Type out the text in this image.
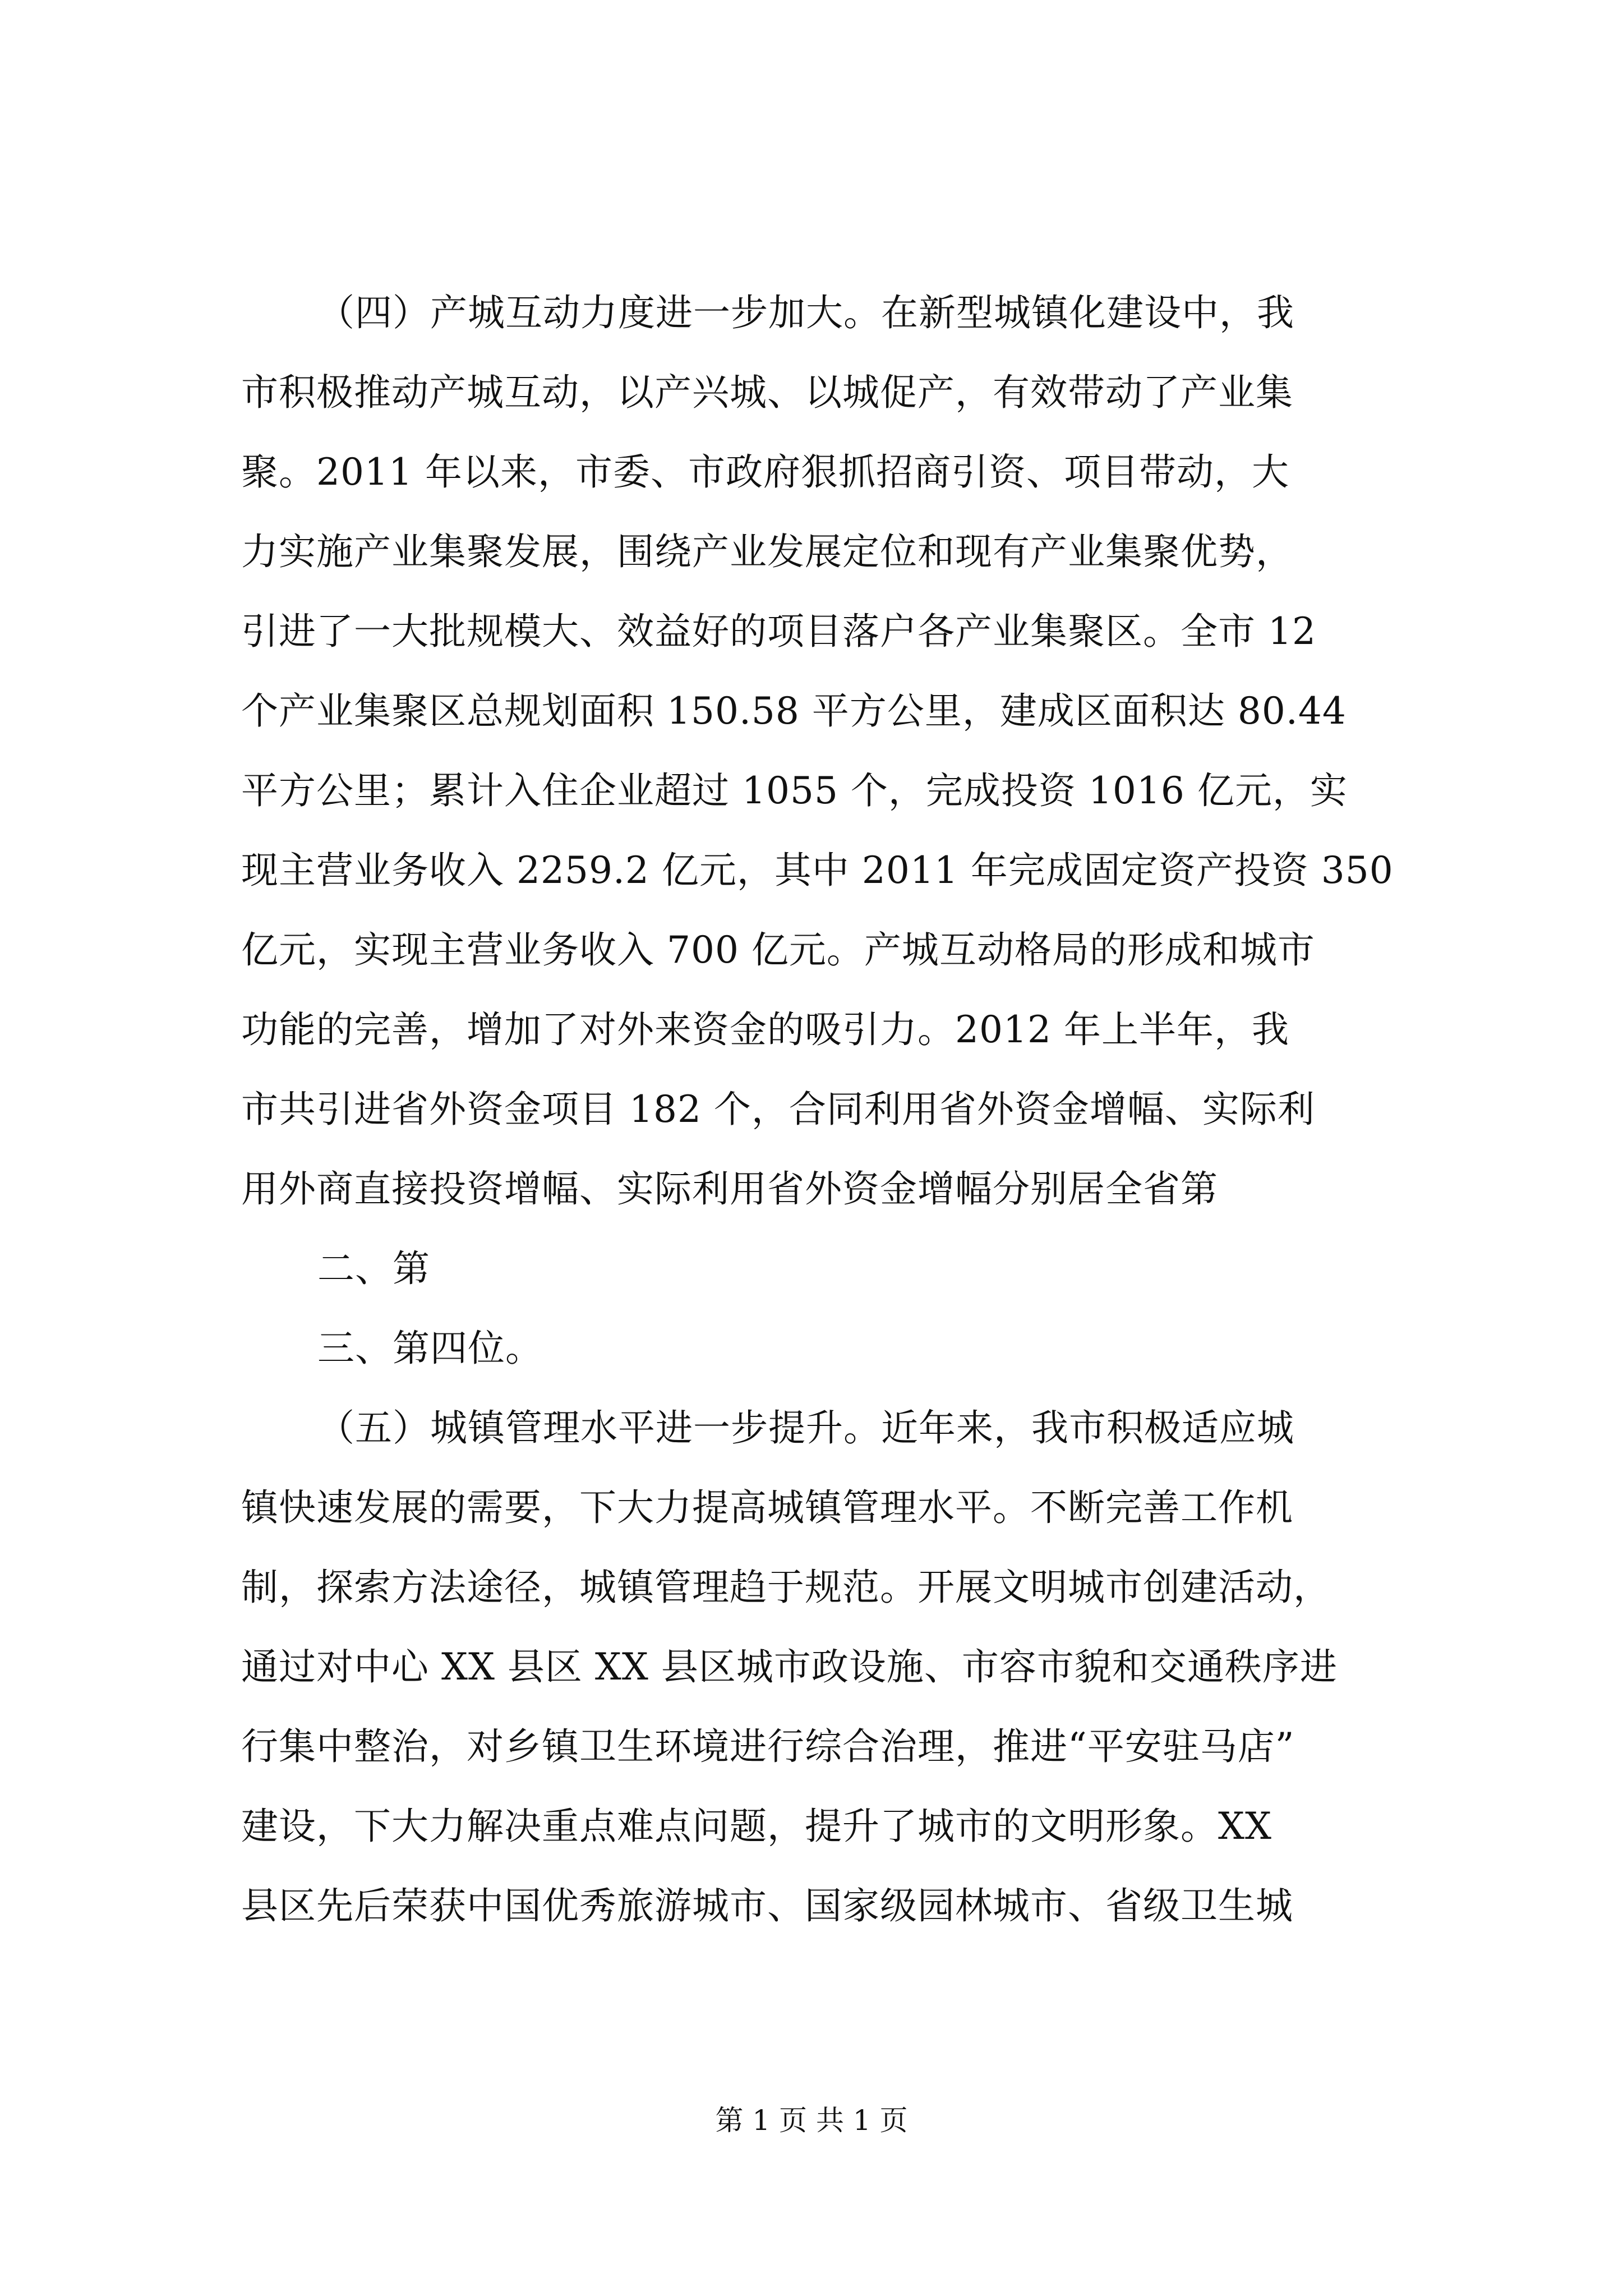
（四）产城互动力度进一步加大。在新型城镇化建设中，我
市积极推动产城互动，以产兴城、以城促产，有效带动了产业集
聚。2011 年以来，市委、市政府狠抓招商引资、项目带动，大
力实施产业集聚发展，围绕产业发展定位和现有产业集聚优势，
引进了一大批规模大、效益好的项目落户各产业集聚区。全市 12
个产业集聚区总规划面积 150.58 平方公里，建成区面积达 80.44
平方公里；累计入住企业超过 1055 个，完成投资 1016 亿元，实
现主营业务收入 2259.2 亿元，其中 2011 年完成固定资产投资 350
亿元，实现主营业务收入 700 亿元。产城互动格局的形成和城市
功能的完善，增加了对外来资金的吸引力。2012 年上半年，我
市共引进省外资金项目 182 个，合同利用省外资金增幅、实际利
用外商直接投资增幅、实际利用省外资金增幅分别居全省第
二、第
三、第四位。
（五）城镇管理水平进一步提升。近年来，我市积极适应城
镇快速发展的需要，下大力提高城镇管理水平。不断完善工作机
制，探索方法途径，城镇管理趋于规范。开展文明城市创建活动，
通过对中心 XX 县区 XX 县区城市政设施、市容市貌和交通秩序进
行集中整治，对乡镇卫生环境进行综合治理，推进“平安驻马店”
建设，下大力解决重点难点问题，提升了城市的文明形象。XX
县区先后荣获中国优秀旅游城市、国家级园林城市、省级卫生城
第 1 页 共 1 页
